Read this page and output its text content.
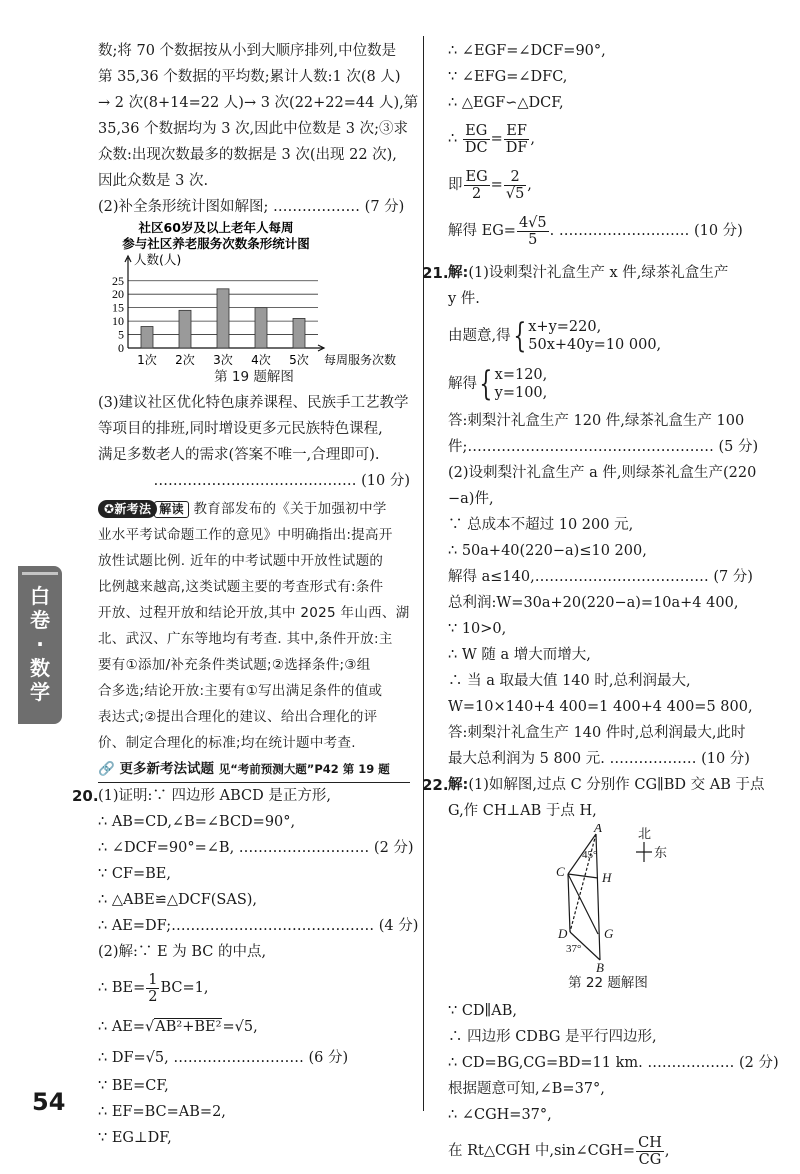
数;将 70 个数据按从小到大顺序排列,中位数是
第 35,36 个数据的平均数;累计人数:1 次(8 人)
→ 2 次(8+14=22 人)→ 3 次(22+22=44 人),第
35,36 个数据均为 3 次,因此中位数是 3 次;③求
众数:出现次数最多的数据是 3 次(出现 22 次),
因此众数是 3 次.
(2)补全条形统计图如解图; ……………… (7 分)
社区60岁及以上老年人每周
参与社区养老服务次数条形统计图
人数(人)
0
5
10
15
20
25
1次 2次 3次 4次 5次 每周服务次数
第 19 题解图
(3)建议社区优化特色康养课程、民族手工艺教学
等项目的排班,同时增设更多元民族特色课程,
满足多数老人的需求(答案不唯一,合理即可).
…………………………………… (10 分)
✪新考法 解读 教育部发布的《关于加强初中学
业水平考试命题工作的意见》中明确指出:提高开
放性试题比例. 近年的中考试题中开放性试题的
比例越来越高,这类试题主要的考查形式有:条件
开放、过程开放和结论开放,其中 2025 年山西、湖
北、武汉、广东等地均有考查. 其中,条件开放:主
要有①添加/补充条件类试题;②选择条件;③组
合多选;结论开放:主要有①写出满足条件的值或
表达式;②提出合理化的建议、给出合理化的评
价、制定合理化的标准;均在统计题中考查.
🔗 更多新考法试题 见“考前预测大题”P42 第 19 题
20. (1)证明:∵ 四边形 ABCD 是正方形,
∴ AB=CD,∠B=∠BCD=90°,
∴ ∠DCF=90°=∠B, ……………………… (2 分)
∵ CF=BE,
∴ △ABE≌△DCF(SAS),
∴ AE=DF;…………………………………… (4 分)
(2)解:∵ E 为 BC 的中点,
∴ $BE= \frac{1}{2} BC=1$,
∴ AE=√AB²+BE²=√5,
∴ DF=√5, ……………………… (6 分)
∵ BE=CF,
∴ EF=BC=AB=2,
∵ EG⊥DF,
∴ ∠EGF=∠DCF=90°,
∵ ∠EFG=∠DFC,
∴ △EGF∽△DCF,
∴ $\frac{EG}{DC} = \frac{EF}{DF}$ ,
即 $\frac{EG}{2} = \frac{2}{√5}$ ,
解得 $EG= \frac{4√5}{5}$ . ……………………… (10 分)
21. 解:(1)设刺梨汁礼盒生产 x 件,绿茶礼盒生产
y 件.
由题意,得 { x+y=220,
50x+40y=10 000,
解得 { x=120,
y=100,
答:刺梨汁礼盒生产 120 件,绿茶礼盒生产 100
件;…………………………………………… (5 分)
(2)设刺梨汁礼盒生产 a 件,则绿茶礼盒生产(220
−a)件,
∵ 总成本不超过 10 200 元,
∴ 50a+40(220−a)≤10 200,
解得 a≤140,……………………………… (7 分)
总利润:W=30a+20(220−a)=10a+4 400,
∵ 10>0,
∴ W 随 a 增大而增大,
∴ 当 a 取最大值 140 时,总利润最大,
W=10×140+4 400=1 400+4 400=5 800,
答:刺梨汁礼盒生产 140 件时,总利润最大,此时
最大总利润为 5 800 元. ……………… (10 分)
22. 解:(1)如解图,过点 C 分别作 CG∥BD 交 AB 于点
G,作 CH⊥AB 于点 H,
北
东
A
C	H
D	G
B
45°
37°
第 22 题解图
∵ CD∥AB,
∴ 四边形 CDBG 是平行四边形,
∴ CD=BG,CG=BD=11 km. ……………… (2 分)
根据题意可知,∠B=37°,
∴ ∠CGH=37°,
在 Rt△CGH 中,sin∠CGH= $\frac{CH}{CG}$ ,
白
卷
·
数
学
54
